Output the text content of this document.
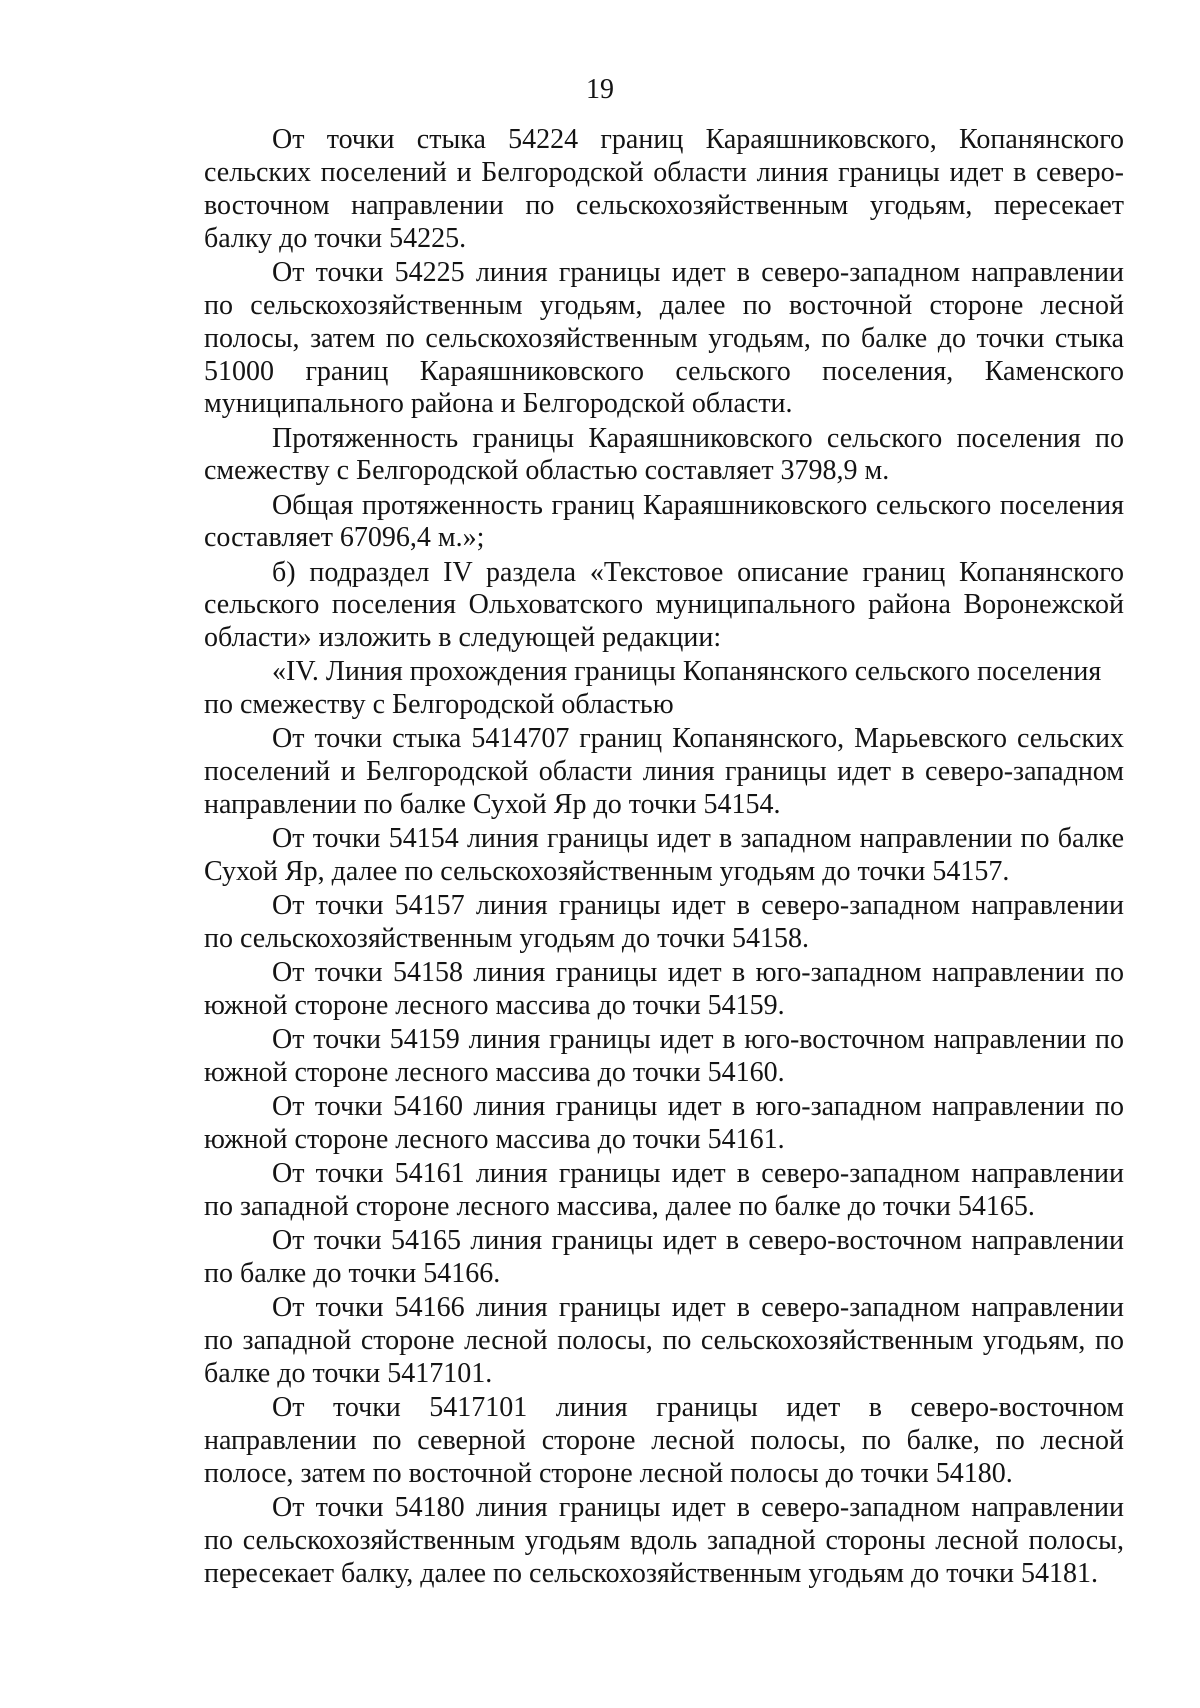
19

От точки стыка 54224 границ Караяшниковского, Копанянского сельских поселений и Белгородской области линия границы идет в северо-восточном направлении по сельскохозяйственным угодьям, пересекает балку до точки 54225.

От точки 54225 линия границы идет в северо-западном направлении по сельскохозяйственным угодьям, далее по восточной стороне лесной полосы, затем по сельскохозяйственным угодьям, по балке до точки стыка 51000 границ Караяшниковского сельского поселения, Каменского муниципального района и Белгородской области.

Протяженность границы Караяшниковского сельского поселения по смежеству с Белгородской областью составляет 3798,9 м.

Общая протяженность границ Караяшниковского сельского поселения составляет 67096,4 м.»;

б) подраздел IV раздела «Текстовое описание границ Копанянского сельского поселения Ольховатского муниципального района Воронежской области» изложить в следующей редакции:

«IV. Линия прохождения границы Копанянского сельского поселения по смежеству с Белгородской областью

От точки стыка 5414707 границ Копанянского, Марьевского сельских поселений и Белгородской области линия границы идет в северо-западном направлении по балке Сухой Яр до точки 54154.

От точки 54154 линия границы идет в западном направлении по балке Сухой Яр, далее по сельскохозяйственным угодьям до точки 54157.

От точки 54157 линия границы идет в северо-западном направлении по сельскохозяйственным угодьям до точки 54158.

От точки 54158 линия границы идет в юго-западном направлении по южной стороне лесного массива до точки 54159.

От точки 54159 линия границы идет в юго-восточном направлении по южной стороне лесного массива до точки 54160.

От точки 54160 линия границы идет в юго-западном направлении по южной стороне лесного массива до точки 54161.

От точки 54161 линия границы идет в северо-западном направлении по западной стороне лесного массива, далее по балке до точки 54165.

От точки 54165 линия границы идет в северо-восточном направлении по балке до точки 54166.

От точки 54166 линия границы идет в северо-западном направлении по западной стороне лесной полосы, по сельскохозяйственным угодьям, по балке до точки 5417101.

От точки 5417101 линия границы идет в северо-восточном направлении по северной стороне лесной полосы, по балке, по лесной полосе, затем по восточной стороне лесной полосы до точки 54180.

От точки 54180 линия границы идет в северо-западном направлении по сельскохозяйственным угодьям вдоль западной стороны лесной полосы, пересекает балку, далее по сельскохозяйственным угодьям до точки 54181.
